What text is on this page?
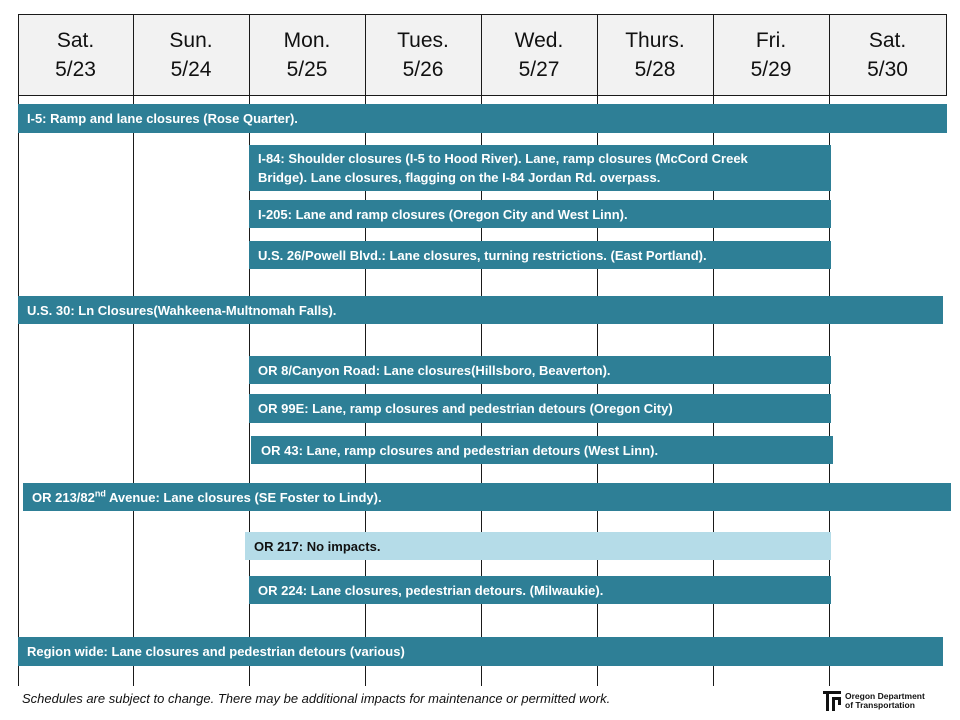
Sat.
5/23
Sun.
5/24
Mon.
5/25
Tues.
5/26
Wed.
5/27
Thurs.
5/28
Fri.
5/29
Sat.
5/30
I-5: Ramp and lane closures (Rose Quarter).
I-84: Shoulder closures (I-5 to Hood River). Lane, ramp closures (McCord Creek
Bridge). Lane closures, flagging on the I-84 Jordan Rd. overpass.
I-205: Lane and ramp closures (Oregon City and West Linn).
U.S. 26/Powell Blvd.: Lane closures, turning restrictions. (East Portland).
U.S. 30: Ln Closures(Wahkeena-Multnomah Falls).
OR 8/Canyon Road: Lane closures(Hillsboro, Beaverton).
OR 99E: Lane, ramp closures and pedestrian detours (Oregon City)
OR 43: Lane, ramp closures and pedestrian detours (West Linn).
OR 213/82nd Avenue: Lane closures (SE Foster to Lindy).
OR 217: No impacts.
OR 224: Lane closures, pedestrian detours. (Milwaukie).
Region wide: Lane closures and pedestrian detours (various)
Schedules are subject to change. There may be additional impacts for maintenance or permitted work.	Oregon Department
of Transportation
